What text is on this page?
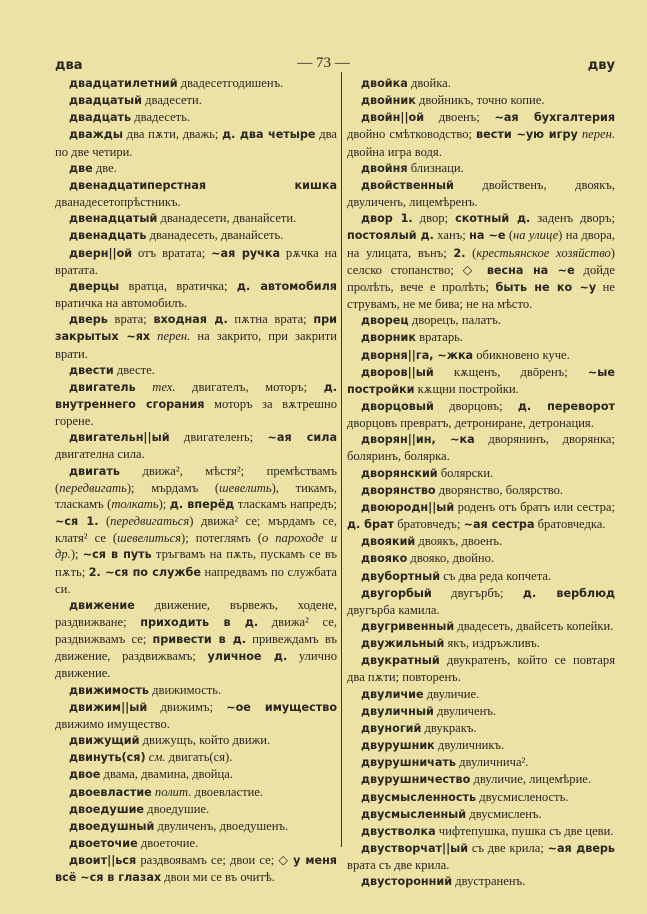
два	— 73 —	дву

двадцатилетний двадесетгодишенъ.

двадцатый двадесети.

двадцать двадесеть.

дважды два пѫти, дважь; д. два четыре два по две четири.

две две.

двенадцатиперстная кишка дванадесетопрѣстникъ.

двенадцатый дванадесети, дванайсети.

двенадцать дванадесеть, дванайсеть.

дверн||ой отъ вратата; ~ая ручка рѫчка на вратата.

дверцы вратца, вратичка; д. автомобиля вратичка на автомобилъ.

дверь врата; входная д. пѫтна врата; при закрытых ~ях перен. на закрито, при закрити врати.

двести двесте.

двигатель тех. двигателъ, моторъ; д. внутреннего сгорания моторъ за вѫтрешно горене.

двигательн||ый двигателенъ; ~ая сила двигателна сила.

двигать движа², мѣстя²; премѣствамъ (передвигать); мърдамъ (шевелить), тикамъ, тласкамъ (толкать); д. вперёд тласкамъ напредъ; ~ся 1. (передвигаться) движа² се; мърдамъ се, клатя² се (шевелиться); потеглямъ (о пароходе и др.); ~ся в путь тръгвамъ на пѫть, пускамъ се въ пѫть; 2. ~ся по службе напредвамъ по службата си.

движение движение, вървежъ, ходене, раздвижване; приходить в д. движа² се, раздвижвамъ се; привести в д. привеждамъ въ движение, раздвижвамъ; уличное д. улично движение.

движимость движимость.

движим||ый движимъ; ~ое имущество движимо имущество.

движущий движущъ, който движи.

двинуть(ся) см. двигать(ся).

двое двама, двамина, двойца.

двоевластие полит. двоевластие.

двоедушие двоедушие.

двоедушный двуличенъ, двоедушенъ.

двоеточие двоеточие.

двоит||ься раздвоявамъ се; двои се; ◇ у меня всё ~ся в глазах двои ми се въ очитѣ.

двойка двойка.

двойник двойникъ, точно копие.

двойн||ой двоенъ; ~ая бухгалтерия двойно смѣтководство; вести ~ую игру перен. двойна игра водя.

двойня близнаци.

двойственный двойственъ, двоякъ, двуличенъ, лицемѣренъ.

двор 1. двор; скотный д. заденъ дворъ; постоялый д. ханъ; на ~е (на улице) на двора, на улицата, вънъ; 2. (крестьянское хозяйство) селско стопанство; ◇ весна на ~е дойде пролѣть, вече е пролѣть; быть не ко ~у не струвамъ, не ме бива; не на мѣсто.

дворец дворецъ, палатъ.

дворник вратарь.

дворня||га, ~жка обикновено куче.

дворов||ый кѫщенъ, двōренъ; ~ые постройки кѫщни постройки.

дворцовый дворцовъ; д. переворот дворцовъ превратъ, детрониране, детронация.

дворян||ин, ~ка дворянинъ, дворянка; боляринъ, болярка.

дворянский болярски.

дворянство дворянство, болярство.

двоюродн||ый роденъ отъ братъ или сестра; д. брат братовчедъ; ~ая сестра братовчедка.

двоякий двоякъ, двоенъ.

двояко двояко, двойно.

двубортный съ два реда копчета.

двугорбый двугърбъ; д. верблюд двугърба камила.

двугривенный двадесеть, двайсеть копейки.

двужильный якъ, издръжливъ.

двукратный двукратенъ, който се повтаря два пѫти; повторенъ.

двуличие двуличие.

двуличный двуличенъ.

двуногий двукракъ.

двурушник двуличникъ.

двурушничать двуличнича².

двурушничество двуличие, лицемѣрие.

двусмысленность двусмисленость.

двусмысленный двусмисленъ.

двустволка чифтепушка, пушка съ две цеви.

двустворчат||ый съ две крила; ~ая дверь врата съ две крила.

двусторонний двустраненъ.
